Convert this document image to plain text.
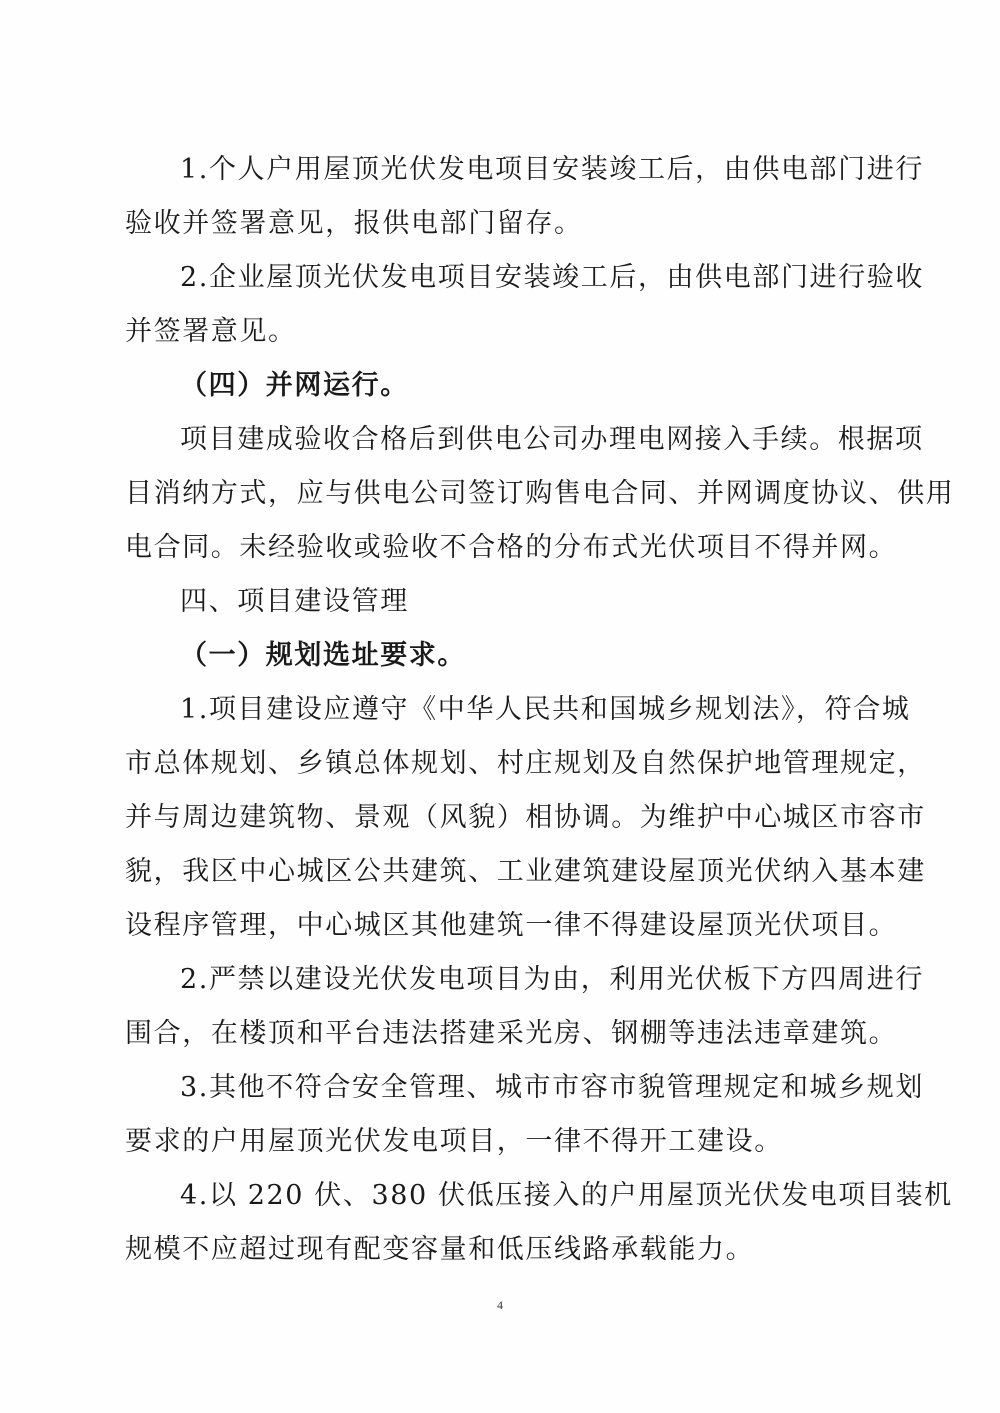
1.个人户用屋顶光伏发电项目安装竣工后，由供电部门进行
验收并签署意见，报供电部门留存。
2.企业屋顶光伏发电项目安装竣工后，由供电部门进行验收
并签署意见。
（四）并网运行。
项目建成验收合格后到供电公司办理电网接入手续。根据项
目消纳方式，应与供电公司签订购售电合同、并网调度协议、供用
电合同。未经验收或验收不合格的分布式光伏项目不得并网。
四、项目建设管理
（一）规划选址要求。
1.项目建设应遵守《中华人民共和国城乡规划法》，符合城
市总体规划、乡镇总体规划、村庄规划及自然保护地管理规定，
并与周边建筑物、景观（风貌）相协调。为维护中心城区市容市
貌，我区中心城区公共建筑、工业建筑建设屋顶光伏纳入基本建
设程序管理，中心城区其他建筑一律不得建设屋顶光伏项目。
2.严禁以建设光伏发电项目为由，利用光伏板下方四周进行
围合，在楼顶和平台违法搭建采光房、钢棚等违法违章建筑。
3.其他不符合安全管理、城市市容市貌管理规定和城乡规划
要求的户用屋顶光伏发电项目，一律不得开工建设。
4.以 220 伏、380 伏低压接入的户用屋顶光伏发电项目装机
规模不应超过现有配变容量和低压线路承载能力。
4
